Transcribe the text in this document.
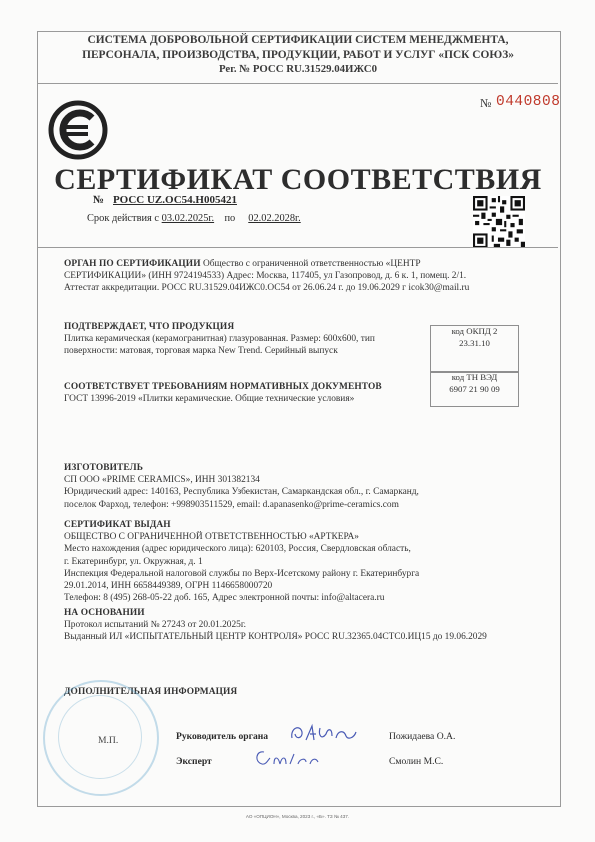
СИСТЕМА ДОБРОВОЛЬНОЙ СЕРТИФИКАЦИИ СИСТЕМ МЕНЕДЖМЕНТА,
ПЕРСОНАЛА, ПРОИЗВОДСТВА, ПРОДУКЦИИ, РАБОТ И УСЛУГ «ПСК СОЮЗ»
Рег. № РОСС RU.31529.04ИЖС0
№ 0440808
СЕРТИФИКАТ СООТВЕТСТВИЯ
№ РОСС UZ.ОС54.Н005421
Срок действия с 03.02.2025г. по 02.02.2028г.
ОРГАН ПО СЕРТИФИКАЦИИ Общество с ограниченной ответственностью «ЦЕНТР
СЕРТИФИКАЦИИ» (ИНН 9724194533) Адрес: Москва, 117405, ул Газопровод, д. 6 к. 1, помещ. 2/1.
Аттестат аккредитации. РОСС RU.31529.04ИЖС0.ОС54 от 26.06.24 г. до 19.06.2029 г icok30@mail.ru
ПОДТВЕРЖДАЕТ, ЧТО ПРОДУКЦИЯ
Плитка керамическая (керамогранитная) глазурованная. Размер: 600х600, тип
поверхности: матовая, торговая марка New Trend. Серийный выпуск
код ОКПД 2
23.31.10
СООТВЕТСТВУЕТ ТРЕБОВАНИЯМ НОРМАТИВНЫХ ДОКУМЕНТОВ
ГОСТ 13996-2019 «Плитки керамические. Общие технические условия»
код ТН ВЭД
6907 21 90 09
ИЗГОТОВИТЕЛЬ
СП ООО «PRIME CERAMICS», ИНН 301382134
Юридический адрес: 140163, Республика Узбекистан, Самаркандская обл., г. Самарканд,
поселок Фарход, телефон: +998903511529, email: d.apanasenko@prime-ceramics.com
СЕРТИФИКАТ ВЫДАН
ОБЩЕСТВО С ОГРАНИЧЕННОЙ ОТВЕТСТВЕННОСТЬЮ «АРТКЕРА»
Место нахождения (адрес юридического лица): 620103, Россия, Свердловская область,
г. Екатеринбург, ул. Окружная, д. 1
Инспекция Федеральной налоговой службы по Верх-Исетскому району г. Екатеринбурга
29.01.2014, ИНН 6658449389, ОГРН 1146658000720
Телефон: 8 (495) 268-05-22 доб. 165, Адрес электронной почты: info@altacera.ru
НА ОСНОВАНИИ
Протокол испытаний № 27243 от 20.01.2025г.
Выданный ИЛ «ИСПЫТАТЕЛЬНЫЙ ЦЕНТР КОНТРОЛЯ» РОСС RU.32365.04СТС0.ИЦ15 до 19.06.2029
ДОПОЛНИТЕЛЬНАЯ ИНФОРМАЦИЯ
М.П.	Руководитель органа	Пожидаева О.А.
Эксперт	Смолин М.С.
АО «ОПЦИОН», Москва, 2023 г., «Б». ТЗ № 437.
